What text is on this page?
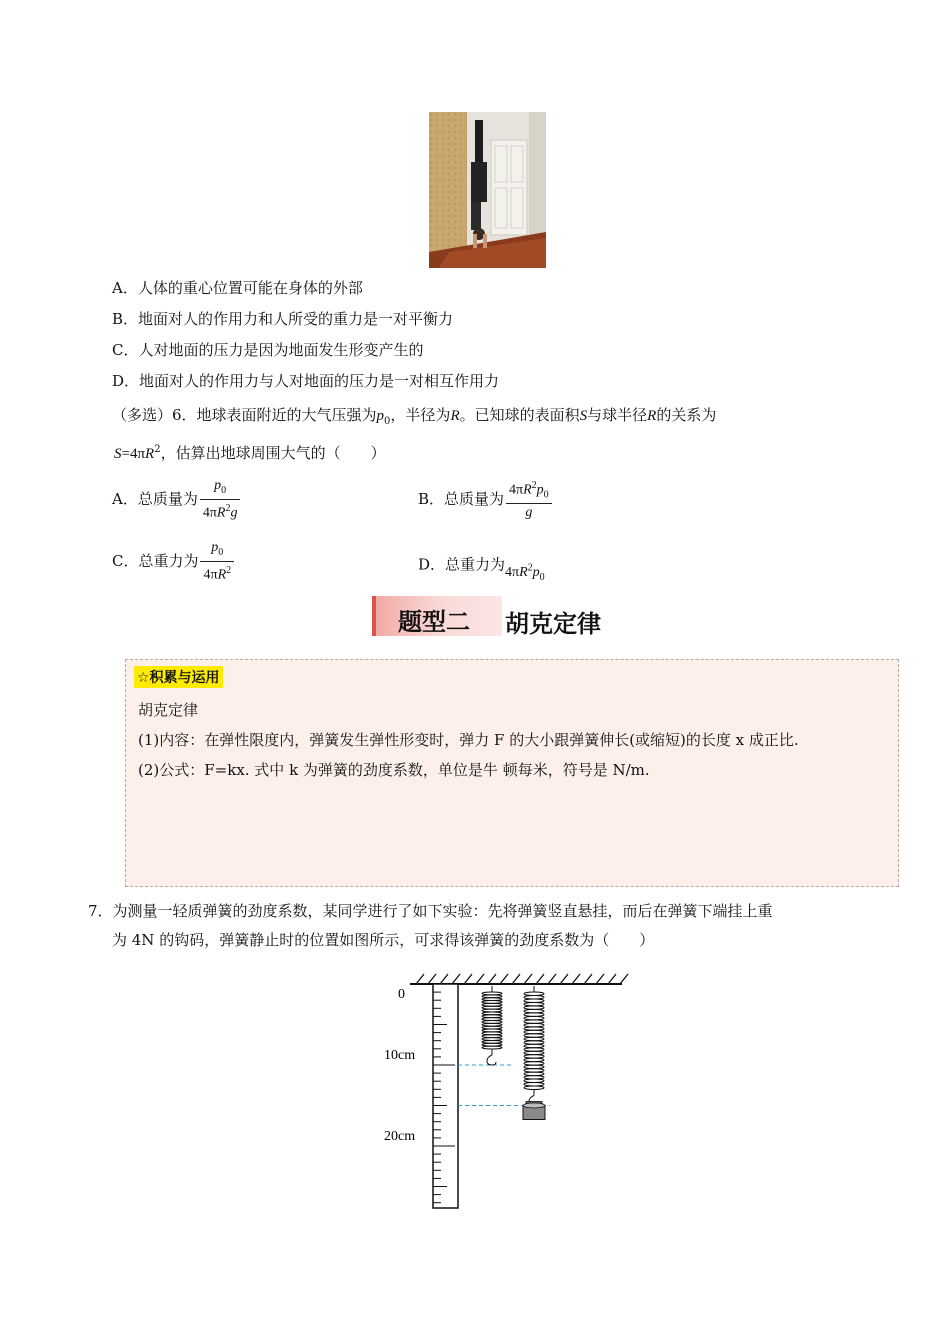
A．人体的重心位置可能在身体的外部
B．地面对人的作用力和人所受的重力是一对平衡力
C．人对地面的压力是因为地面发生形变产生的
D．地面对人的作用力与人对地面的压力是一对相互作用力
（多选）6．地球表面附近的大气压强为$p_0$，半径为R。已知球的表面积S与球半径R的关系为
$S=4\pi R^2$，估算出地球周围大气的（　　）
A．总质量为 $\frac{p_0}{4\pi R^2g}$	B．总质量为 $\frac{4\pi R^2p_0}{g}$
C．总重力为 $\frac{p_0}{4\pi R^2}$	D．总重力为$4\pi R^2p_0$
题型二 胡克定律
☆积累与运用
胡克定律
(1)内容：在弹性限度内，弹簧发生弹性形变时，弹力 F 的大小跟弹簧伸长(或缩短)的长度 x 成正比.
(2)公式：F=kx. 式中 k 为弹簧的劲度系数，单位是牛 顿每米，符号是 N/m.
7．为测量一轻质弹簧的劲度系数，某同学进行了如下实验：先将弹簧竖直悬挂，而后在弹簧下端挂上重
为 4N 的钩码，弹簧静止时的位置如图所示，可求得该弹簧的劲度系数为（　　）
0
10cm
20cm
